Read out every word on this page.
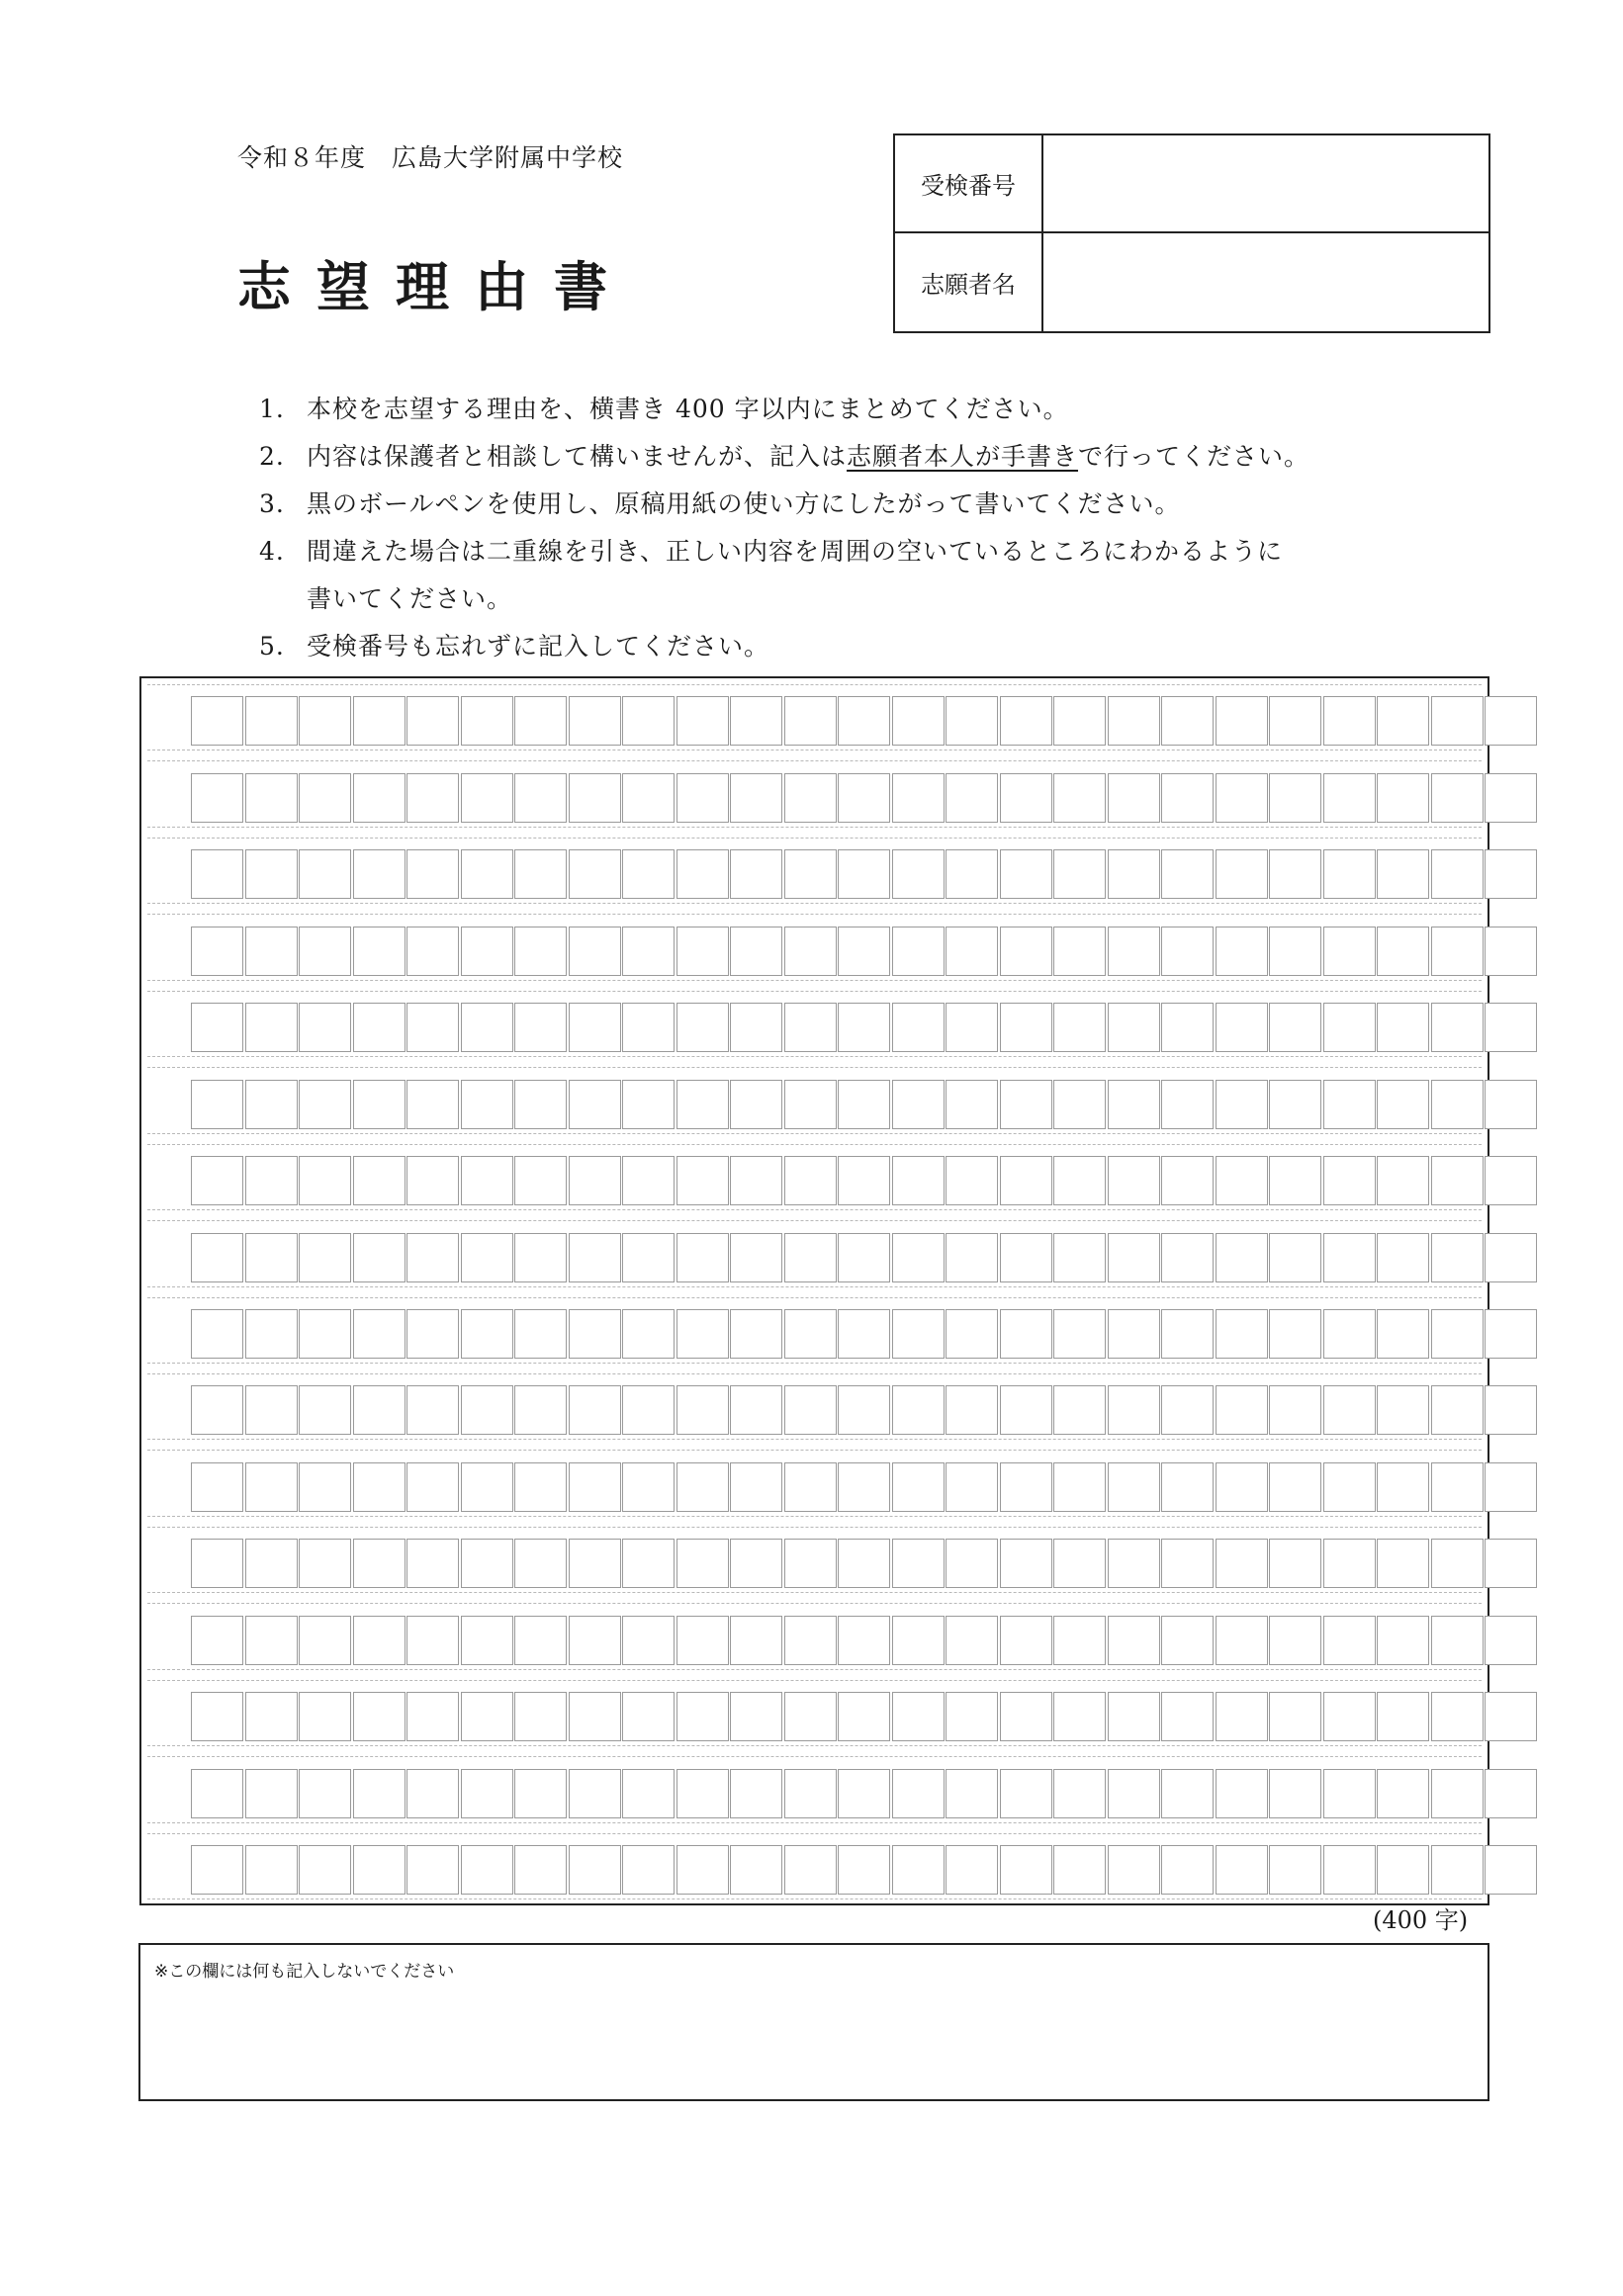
令和８年度　広島大学附属中学校
志望理由書
受検番号
志願者名
1. 本校を志望する理由を、横書き 400 字以内にまとめてください。
2. 内容は保護者と相談して構いませんが、記入は志願者本人が手書きで行ってください。
3. 黒のボールペンを使用し、原稿用紙の使い方にしたがって書いてください。
4. 間違えた場合は二重線を引き、正しい内容を周囲の空いているところにわかるように
書いてください。
5. 受検番号も忘れずに記入してください。
(400 字)
※この欄には何も記入しないでください
